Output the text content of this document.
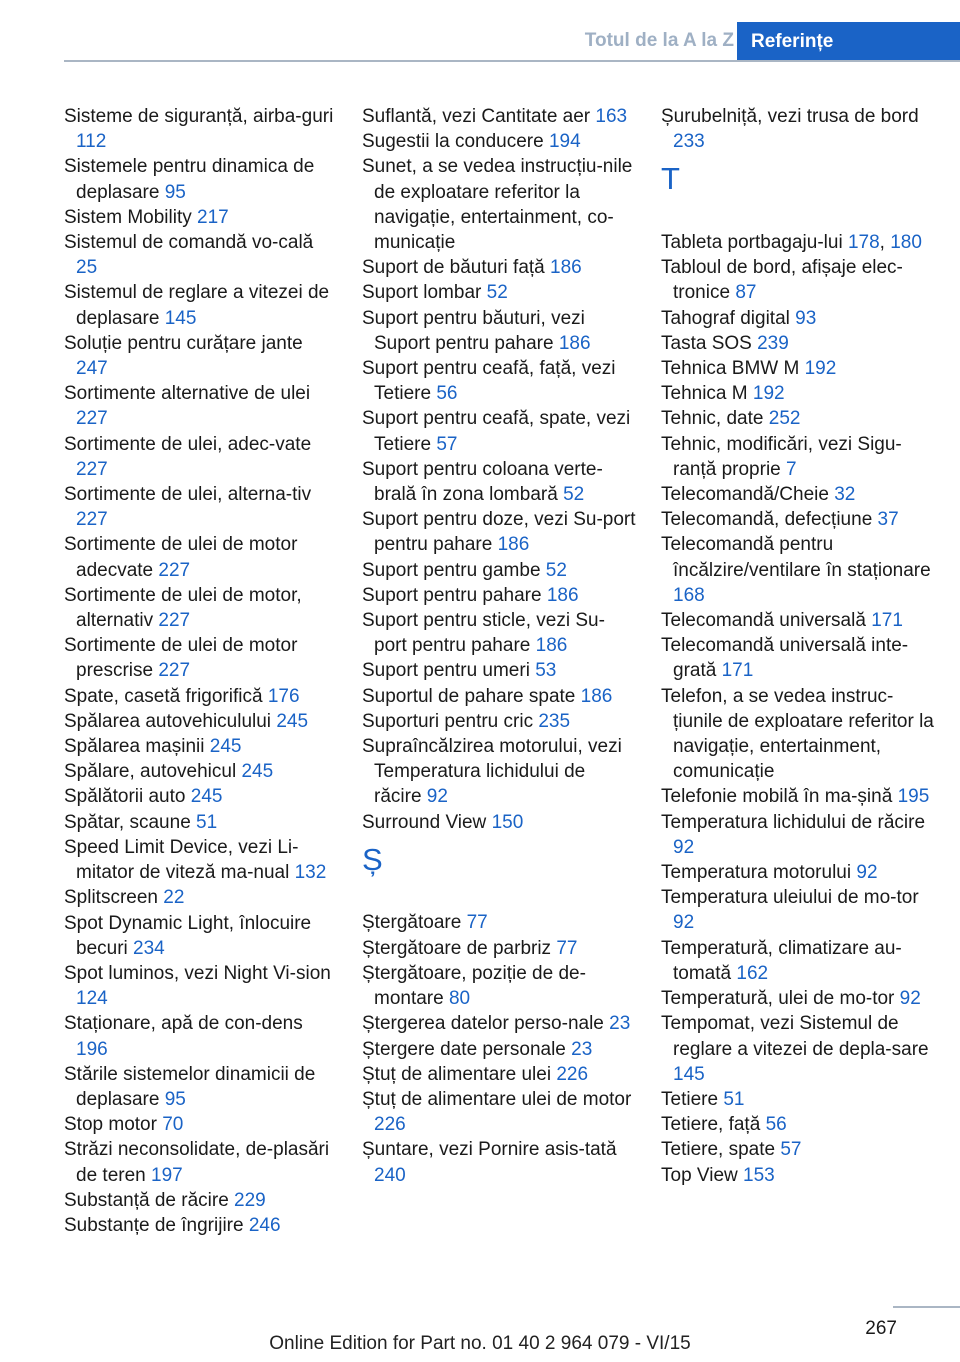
Totul de la A la Z Referințe
Sisteme de siguranță, airba-guri 112
Sistemele pentru dinamica de deplasare 95
Sistem Mobility 217
Sistemul de comandă vo-cală 25
Sistemul de reglare a vitezei de deplasare 145
Soluție pentru curățare jante 247
Sortimente alternative de ulei 227
Sortimente de ulei, adec-vate 227
Sortimente de ulei, alterna-tiv 227
Sortimente de ulei de motor adecvate 227
Sortimente de ulei de motor, alternativ 227
Sortimente de ulei de motor prescrise 227
Spate, casetă frigorifică 176
Spălarea autovehiculului 245
Spălarea mașinii 245
Spălare, autovehicul 245
Spălătorii auto 245
Spătar, scaune 51
Speed Limit Device, vezi Li-mitator de viteză ma-nual 132
Splitscreen 22
Spot Dynamic Light, înlocuire becuri 234
Spot luminos, vezi Night Vi-sion 124
Staționare, apă de con-dens 196
Stările sistemelor dinamicii de deplasare 95
Stop motor 70
Străzi neconsolidate, de-plasări de teren 197
Substanță de răcire 229
Substanțe de îngrijire 246
Suflantă, vezi Cantitate aer 163
Sugestii la conducere 194
Sunet, a se vedea instrucțiu-nile de exploatare referitor la navigație, entertainment, co-municație
Suport de băuturi față 186
Suport lombar 52
Suport pentru băuturi, vezi Suport pentru pahare 186
Suport pentru ceafă, față, vezi Tetiere 56
Suport pentru ceafă, spate, vezi Tetiere 57
Suport pentru coloana verte-brală în zona lombară 52
Suport pentru doze, vezi Su-port pentru pahare 186
Suport pentru gambe 52
Suport pentru pahare 186
Suport pentru sticle, vezi Su-port pentru pahare 186
Suport pentru umeri 53
Suportul de pahare spate 186
Suporturi pentru cric 235
Supraîncălzirea motorului, vezi Temperatura lichidului de răcire 92
Surround View 150
Ș
Ștergătoare 77
Ștergătoare de parbriz 77
Ștergătoare, poziție de de-montare 80
Ștergerea datelor perso-nale 23
Ștergere date personale 23
Ștuț de alimentare ulei 226
Ștuț de alimentare ulei de motor 226
Șuntare, vezi Pornire asis-tată 240
Șurubelniță, vezi trusa de bord 233
T
Tableta portbagaju-lui 178, 180
Tabloul de bord, afișaje elec-tronice 87
Tahograf digital 93
Tasta SOS 239
Tehnica BMW M 192
Tehnica M 192
Tehnic, date 252
Tehnic, modificări, vezi Sigu-ranță proprie 7
Telecomandă/Cheie 32
Telecomandă, defecțiune 37
Telecomandă pentru încălzire/ventilare în staționare 168
Telecomandă universală 171
Telecomandă universală inte-grată 171
Telefon, a se vedea instruc-țiunile de exploatare referitor la navigație, entertainment, comunicație
Telefonie mobilă în ma-șină 195
Temperatura lichidului de răcire 92
Temperatura motorului 92
Temperatura uleiului de mo-tor 92
Temperatură, climatizare au-tomată 162
Temperatură, ulei de mo-tor 92
Tempomat, vezi Sistemul de reglare a vitezei de depla-sare 145
Tetiere 51
Tetiere, față 56
Tetiere, spate 57
Top View 153
267
Online Edition for Part no. 01 40 2 964 079 - VI/15
